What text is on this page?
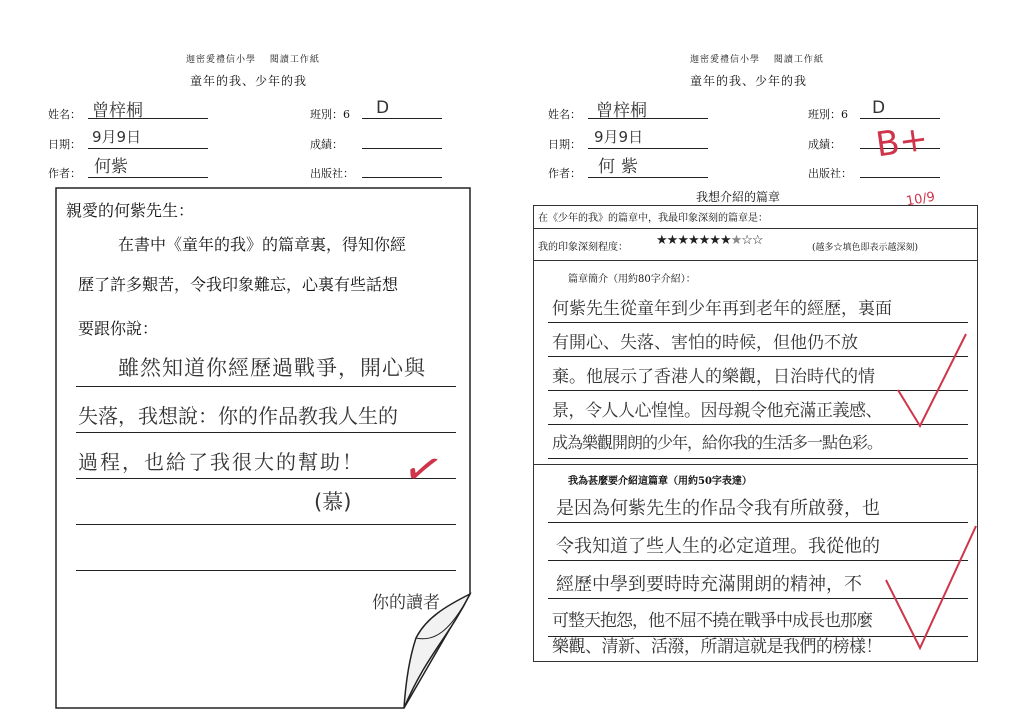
迦密愛禮信小學　 閱讀工作紙
童年的我、少年的我
姓名： 曾梓桐	班別：6 D
日期： 9月9日	成績：
作者： 何紫	出版社：
親愛的何紫先生：
在書中《童年的我》的篇章裏，得知你經
歷了許多艱苦，令我印象難忘，心裏有些話想
要跟你說：
雖然知道你經歷過戰爭，開心與
失落，我想說：你的作品教我人生的
過程，也給了我很大的幫助！ ✓
(慕)
你的讀者
迦密愛禮信小學　 閱讀工作紙
童年的我、少年的我
姓名： 曾梓桐	班別：6 D
日期： 9月9日	成績：
作者： 何紫	出版社：
B+
10/9
我想介紹的篇章
在《少年的我》的篇章中，我最印象深刻的篇章是：
我的印象深刻程度： ★★★★★★★★☆☆	(越多☆填色即表示越深刻)
篇章簡介（用約80字介紹）：
何紫先生從童年到少年再到老年的經歷，裏面
有開心、失落、害怕的時候，但他仍不放
棄。他展示了香港人的樂觀，日治時代的情
景，令人人心惶惶。因母親令他充滿正義感、
成為樂觀開朗的少年，給你我的生活多一點色彩。
我為甚麼要介紹這篇章（用約50字表達）
是因為何紫先生的作品令我有所啟發，也
令我知道了些人生的必定道理。我從他的
經歷中學到要時時充滿開朗的精神，不
可整天抱怨，他不屈不撓在戰爭中成長也那麼
樂觀、清新、活潑，所謂這就是我們的榜樣！
